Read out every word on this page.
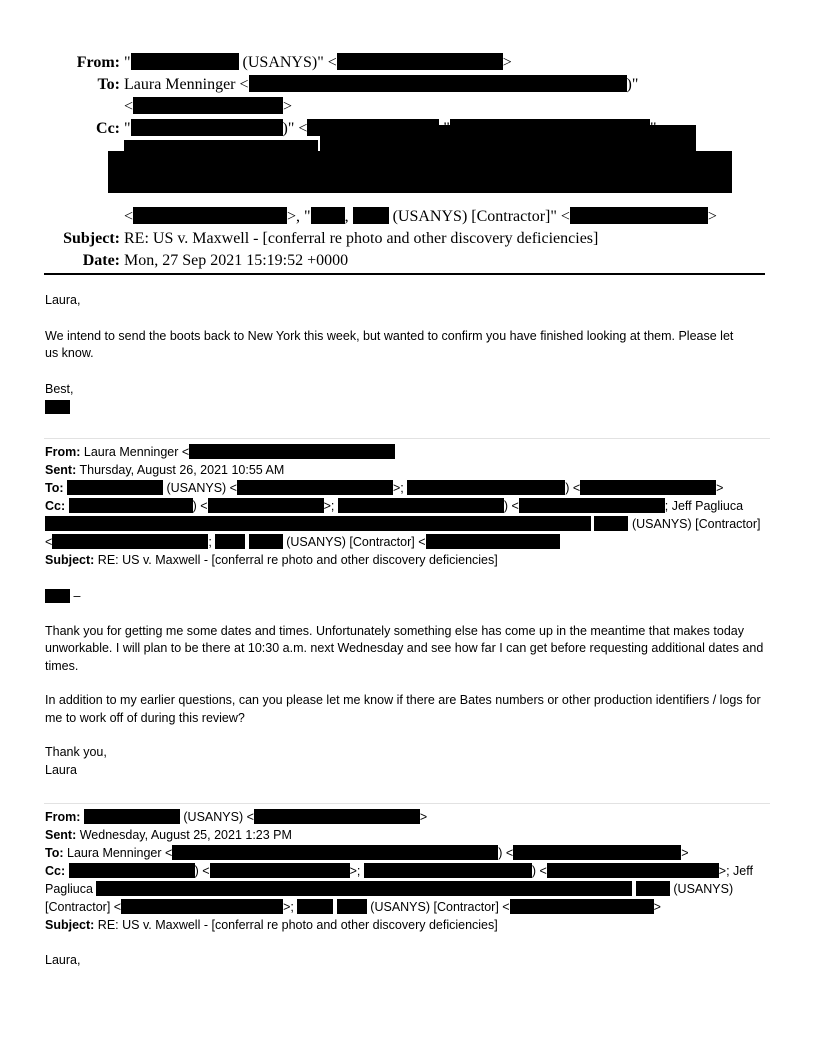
From: "	(USANYS)" <	>
To: Laura Menninger <	)"
<	>
Cc: "	)" <
<	>, " ,  (USANYS) [Contractor]" <	>
Subject: RE: US v. Maxwell - [conferral re photo and other discovery deficiencies]
Date: Mon, 27 Sep 2021 15:19:52 +0000

Laura,

We intend to send the boots back to New York this week, but wanted to confirm you have finished looking at them. Please let us know.

Best,

From: Laura Menninger <
Sent: Thursday, August 26, 2021 10:55 AM
To:	(USANYS) <	>;	) <	>
Cc:	) <	>;	) <	; Jeff Pagliuca
(USANYS) [Contractor]
<	;	(USANYS) [Contractor] <
Subject: RE: US v. Maxwell - [conferral re photo and other discovery deficiencies]
–

Thank you for getting me some dates and times. Unfortunately something else has come up in the meantime that makes today unworkable. I will plan to be there at 10:30 a.m. next Wednesday and see how far I can get before requesting additional dates and times.

In addition to my earlier questions, can you please let me know if there are Bates numbers or other production identifiers / logs for me to work off of during this review?

Thank you,

Laura

From:	(USANYS) <	>
Sent: Wednesday, August 25, 2021 1:23 PM
To: Laura Menninger <	) <	>
Cc:	) <	>;	) <	>; Jeff
Pagliuca	(USANYS)
[Contractor] <	>;	(USANYS) [Contractor] <	>
Subject: RE: US v. Maxwell - [conferral re photo and other discovery deficiencies]

Laura,
